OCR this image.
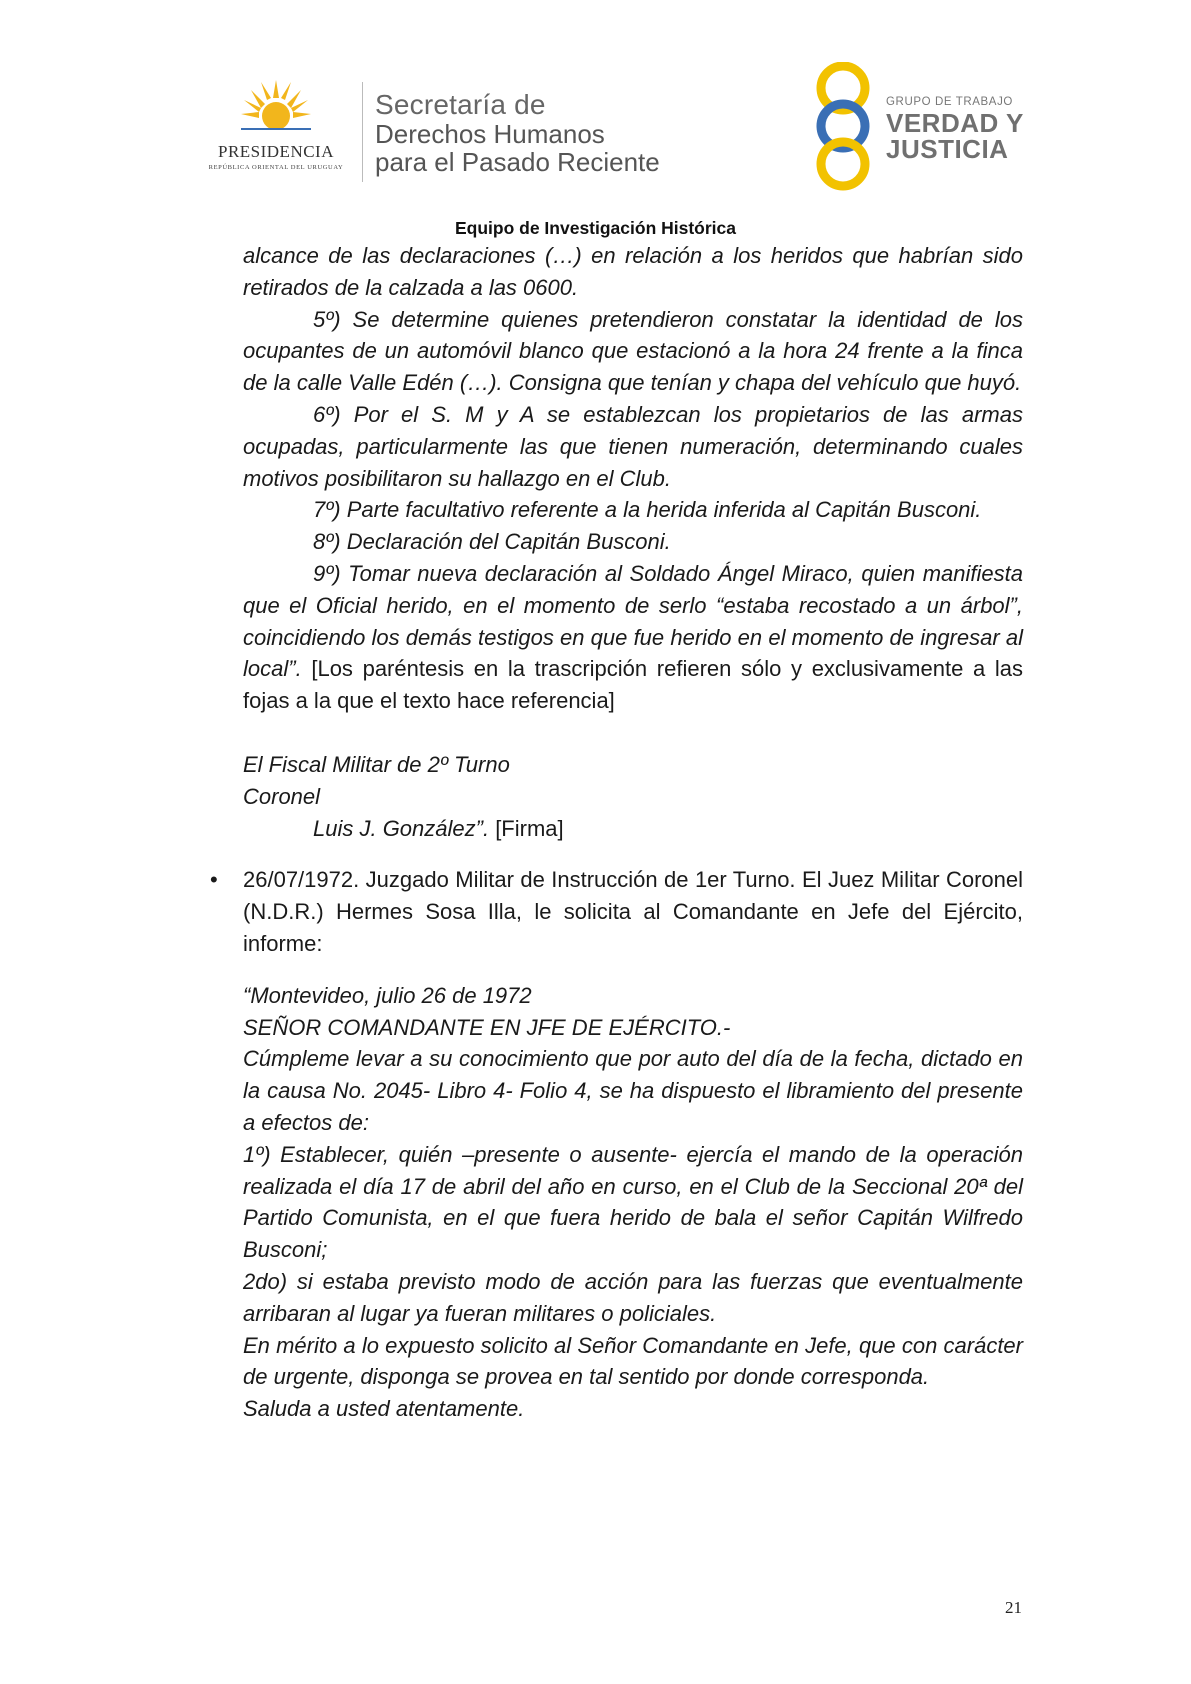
PRESIDENCIA
REPÚBLICA ORIENTAL DEL URUGUAY
Secretaría de
Derechos Humanos
para el Pasado Reciente
GRUPO DE TRABAJO
VERDAD Y
JUSTICIA
Equipo de Investigación Histórica

alcance de las declaraciones (…) en relación a los heridos que habrían sido retirados de la calzada a las 0600.

5º) Se determine quienes pretendieron constatar la identidad de los ocupantes de un automóvil blanco que estacionó a la hora 24 frente a la finca de la calle Valle Edén (…). Consigna que tenían y chapa del vehículo que huyó.

6º) Por el S. M y A se establezcan los propietarios de las armas ocupadas, particularmente las que tienen numeración, determinando cuales motivos posibilitaron su hallazgo en el Club.

7º) Parte facultativo referente a la herida inferida al Capitán Busconi.

8º) Declaración del Capitán Busconi.

9º) Tomar nueva declaración al Soldado Ángel Miraco, quien manifiesta que el Oficial herido, en el momento de serlo “estaba recostado a un árbol”, coincidiendo los demás testigos en que fue herido en el momento de ingresar al local”. [Los paréntesis en la trascripción refieren sólo y exclusivamente a las fojas a la que el texto hace referencia]

El Fiscal Militar de 2º Turno

Coronel

Luis J. González”. [Firma]

• 26/07/1972. Juzgado Militar de Instrucción de 1er Turno. El Juez Militar Coronel (N.D.R.) Hermes Sosa Illa, le solicita al Comandante en Jefe del Ejército, informe:

“Montevideo, julio 26 de 1972

SEÑOR COMANDANTE EN JFE DE EJÉRCITO.-

Cúmpleme levar a su conocimiento que por auto del día de la fecha, dictado en la causa No. 2045- Libro 4- Folio 4, se ha dispuesto el libramiento del presente a efectos de:

1º) Establecer, quién –presente o ausente- ejercía el mando de la operación realizada el día 17 de abril del año en curso, en el Club de la Seccional 20ª del Partido Comunista, en el que fuera herido de bala el señor Capitán Wilfredo Busconi;

2do) si estaba previsto modo de acción para las fuerzas que eventualmente arribaran al lugar ya fueran militares o policiales.

En mérito a lo expuesto solicito al Señor Comandante en Jefe, que con carácter de urgente, disponga se provea en tal sentido por donde corresponda.

Saluda a usted atentamente.

21
